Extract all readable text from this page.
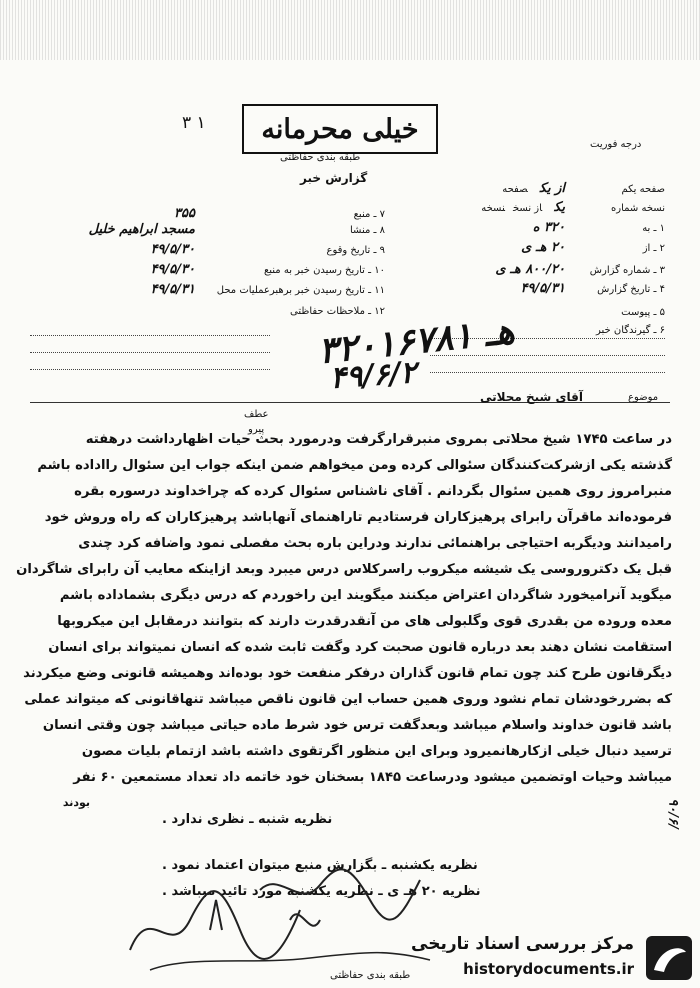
۳ ۱ خیلی محرمانه
طبقه بندی حفاظتی
گزارش خبر
درجه فوریت
صفحه یکماز یکصفحه
نسخه شمارهیکاز نسخنسخه
۱ ـ به۳۲۰ ه
۲ ـ از۲۰ هـ ی
۳ ـ شماره گزارش۸۰۰/۲۰ هـ ی
۴ ـ تاریخ گزارش۴۹/۵/۳۱
۵ ـ پیوست
۶ ـ گیرندگان خبر
۷ ـ منبع۳۵۵
۸ ـ منشامسجد ابراهیم خلیل
۹ ـ تاریخ وقوع۴۹/۵/۳۰
۱۰ ـ تاریخ رسیدن خبر به منبع۴۹/۵/۳۰
۱۱ ـ تاریخ رسیدن خبر برهبرعملیات محل۴۹/۵/۳۱
۱۲ ـ ملاحظات حفاظتی
۳۲۰هـ ۱۶۷۸۱
۴۹/۶/۲
موضوع
آقای شیخ محلاتی
عطف
پیرو
در ساعت ۱۷۴۵ شیخ محلاتی بمروی منبرقرارگرفت ودرمورد بحث حیات اظهارداشت درهفته
گذشته یکی ازشرکت‌کنندگان سئوالی کرده ومن میخواهم ضمن اینکه جواب این سئوال رااداده باشم
منبرامروز روی همین سئوال بگردانم . آقای ناشناس سئوال کرده که چراخداوند درسوره بقره
فرموده‌اند ماقرآن رابرای پرهیزکاران فرستادیم تاراهنمای آنهاباشد پرهیزکاران که راه وروش خود
رامیدانند ودیگربه احتیاجی براهنمائی ندارند ودراین باره بحث مفصلی نمود واضافه کرد چندی
قبل یک دکتروروسی یک شیشه میکروب راسرکلاس درس میبرد وبعد ازاینکه معایب آن رابرای شاگردان
میگوید آنرامیخورد شاگردان اعتراض میکنند میگویند این راخوردم که درس دیگری بشماداده باشم
معده وروده من بقدری قوی وگلبولی های من آنقدرقدرت دارند که بتوانند درمقابل این میکروبها
استقامت نشان دهند بعد درباره قانون صحبت کرد وگفت ثابت شده که انسان نمیتواند برای انسان
دیگرقانون طرح کند چون تمام قانون گذاران درفکر منفعت خود بوده‌اند وهمیشه قانونی وضع میکردند
که بضررخودشان تمام نشود وروی همین حساب این قانون ناقص میباشد تنهاقانونی که میتواند عملی
باشد قانون خداوند واسلام میباشد وبعدگفت ترس خود شرط ماده حیاتی میباشد چون وقتی انسان
ترسید دنبال خیلی ازکارهانمیرود وبرای این منظور اگرتقوی داشته باشد ازتمام بلیات مصون
میباشد وحیات اوتضمین میشود ودرساعت ۱۸۴۵ بسخنان خود خاتمه داد تعداد مستمعین ۶۰ نفر
بودند
نظریه شنبه ـ نظری ندارد .
نظریه یکشنبه ـ بگزارش منبع میتوان اعتماد نمود .
نظریه ۲۰ هـ ی ـ نظریه یکشنبه مورد تائید میباشد .
۹۰/۶/
طبقه بندی حفاظتی
مرکز بررسی اسناد تاریخی
historydocuments.ir
